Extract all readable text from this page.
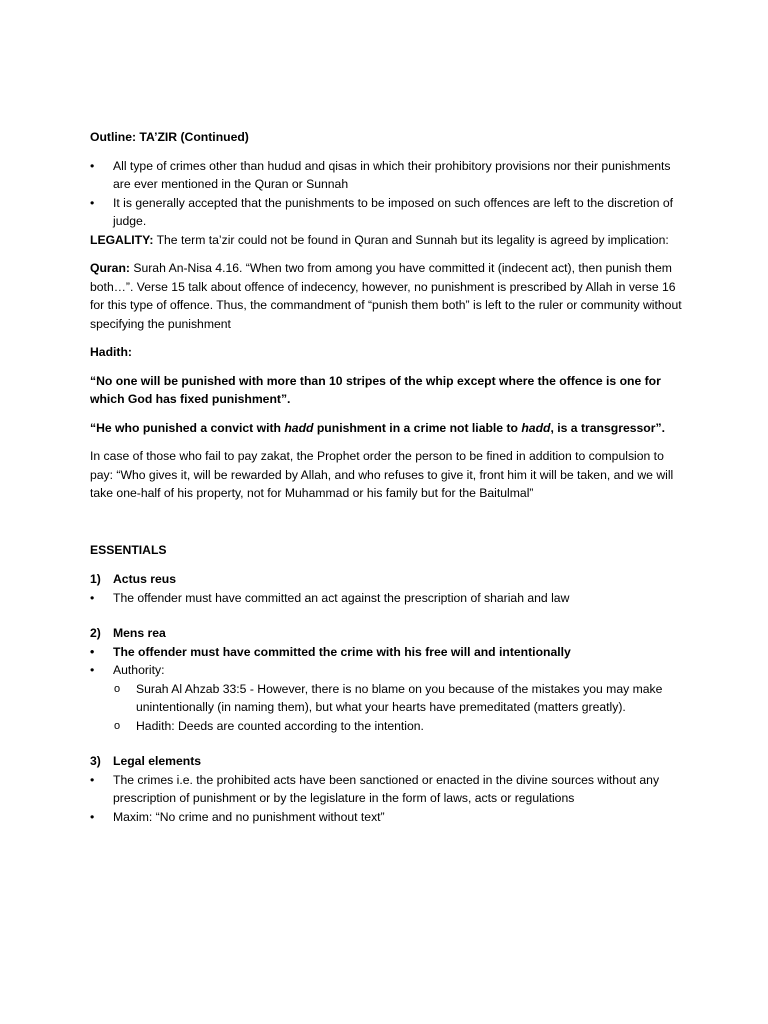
Outline: TA’ZIR (Continued)

•	All type of crimes other than hudud and qisas in which their prohibitory provisions nor their punishments are ever mentioned in the Quran or Sunnah
•	It is generally accepted that the punishments to be imposed on such offences are left to the discretion of judge.

LEGALITY: The term ta’zir could not be found in Quran and Sunnah but its legality is agreed by implication:

Quran: Surah An-Nisa 4.16. “When two from among you have committed it (indecent act), then punish them both…”. Verse 15 talk about offence of indecency, however, no punishment is prescribed by Allah in verse 16 for this type of offence. Thus, the commandment of “punish them both” is left to the ruler or community without specifying the punishment

Hadith:

“No one will be punished with more than 10 stripes of the whip except where the offence is one for which God has fixed punishment”.

“He who punished a convict with hadd punishment in a crime not liable to hadd, is a transgressor”.

In case of those who fail to pay zakat, the Prophet order the person to be fined in addition to compulsion to pay: “Who gives it, will be rewarded by Allah, and who refuses to give it, front him it will be taken, and we will take one-half of his property, not for Muhammad or his family but for the Baitulmal”

ESSENTIALS

1) Actus reus

•	The offender must have committed an act against the prescription of shariah and law

2) Mens rea

•	The offender must have committed the crime with his free will and intentionally
•	Authority:
o Surah Al Ahzab 33:5 - However, there is no blame on you because of the mistakes you may make unintentionally (in naming them), but what your hearts have premeditated (matters greatly).
o Hadith: Deeds are counted according to the intention.

3) Legal elements

•	The crimes i.e. the prohibited acts have been sanctioned or enacted in the divine sources without any prescription of punishment or by the legislature in the form of laws, acts or regulations
•	Maxim: “No crime and no punishment without text”
